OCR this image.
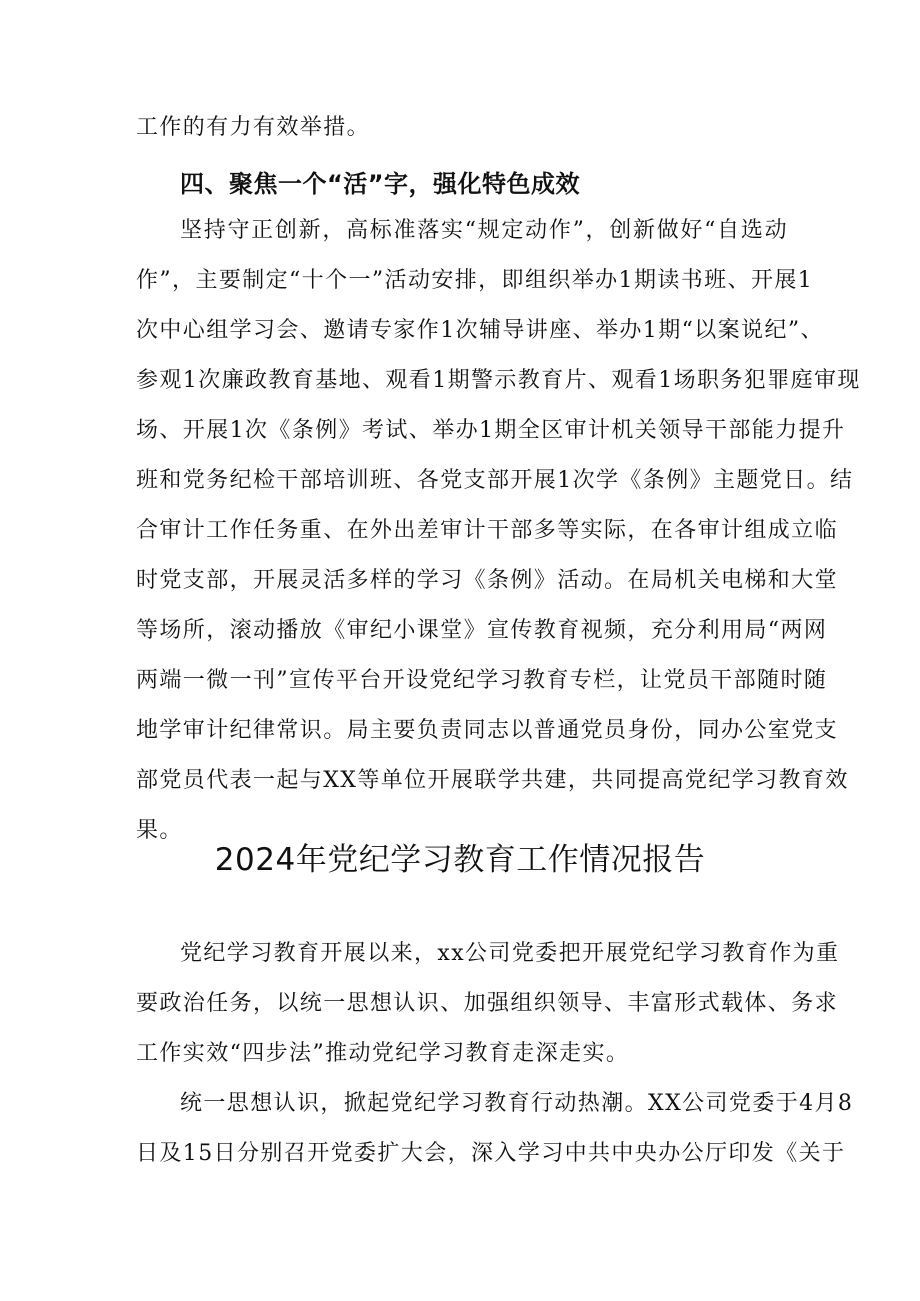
工作的有力有效举措。
四、聚焦一个“活”字，强化特色成效
坚持守正创新，高标准落实“规定动作”，创新做好“自选动
作”，主要制定“十个一”活动安排，即组织举办1期读书班、开展1
次中心组学习会、邀请专家作1次辅导讲座、举办1期“以案说纪”、
参观1次廉政教育基地、观看1期警示教育片、观看1场职务犯罪庭审现
场、开展1次《条例》考试、举办1期全区审计机关领导干部能力提升
班和党务纪检干部培训班、各党支部开展1次学《条例》主题党日。结
合审计工作任务重、在外出差审计干部多等实际，在各审计组成立临
时党支部，开展灵活多样的学习《条例》活动。在局机关电梯和大堂
等场所，滚动播放《审纪小课堂》宣传教育视频，充分利用局“两网
两端一微一刊”宣传平台开设党纪学习教育专栏，让党员干部随时随
地学审计纪律常识。局主要负责同志以普通党员身份，同办公室党支
部党员代表一起与XX等单位开展联学共建，共同提高党纪学习教育效
果。
2024年党纪学习教育工作情况报告
党纪学习教育开展以来，xx公司党委把开展党纪学习教育作为重
要政治任务，以统一思想认识、加强组织领导、丰富形式载体、务求
工作实效“四步法”推动党纪学习教育走深走实。
统一思想认识，掀起党纪学习教育行动热潮。XX公司党委于4月8
日及15日分别召开党委扩大会，深入学习中共中央办公厅印发《关于
